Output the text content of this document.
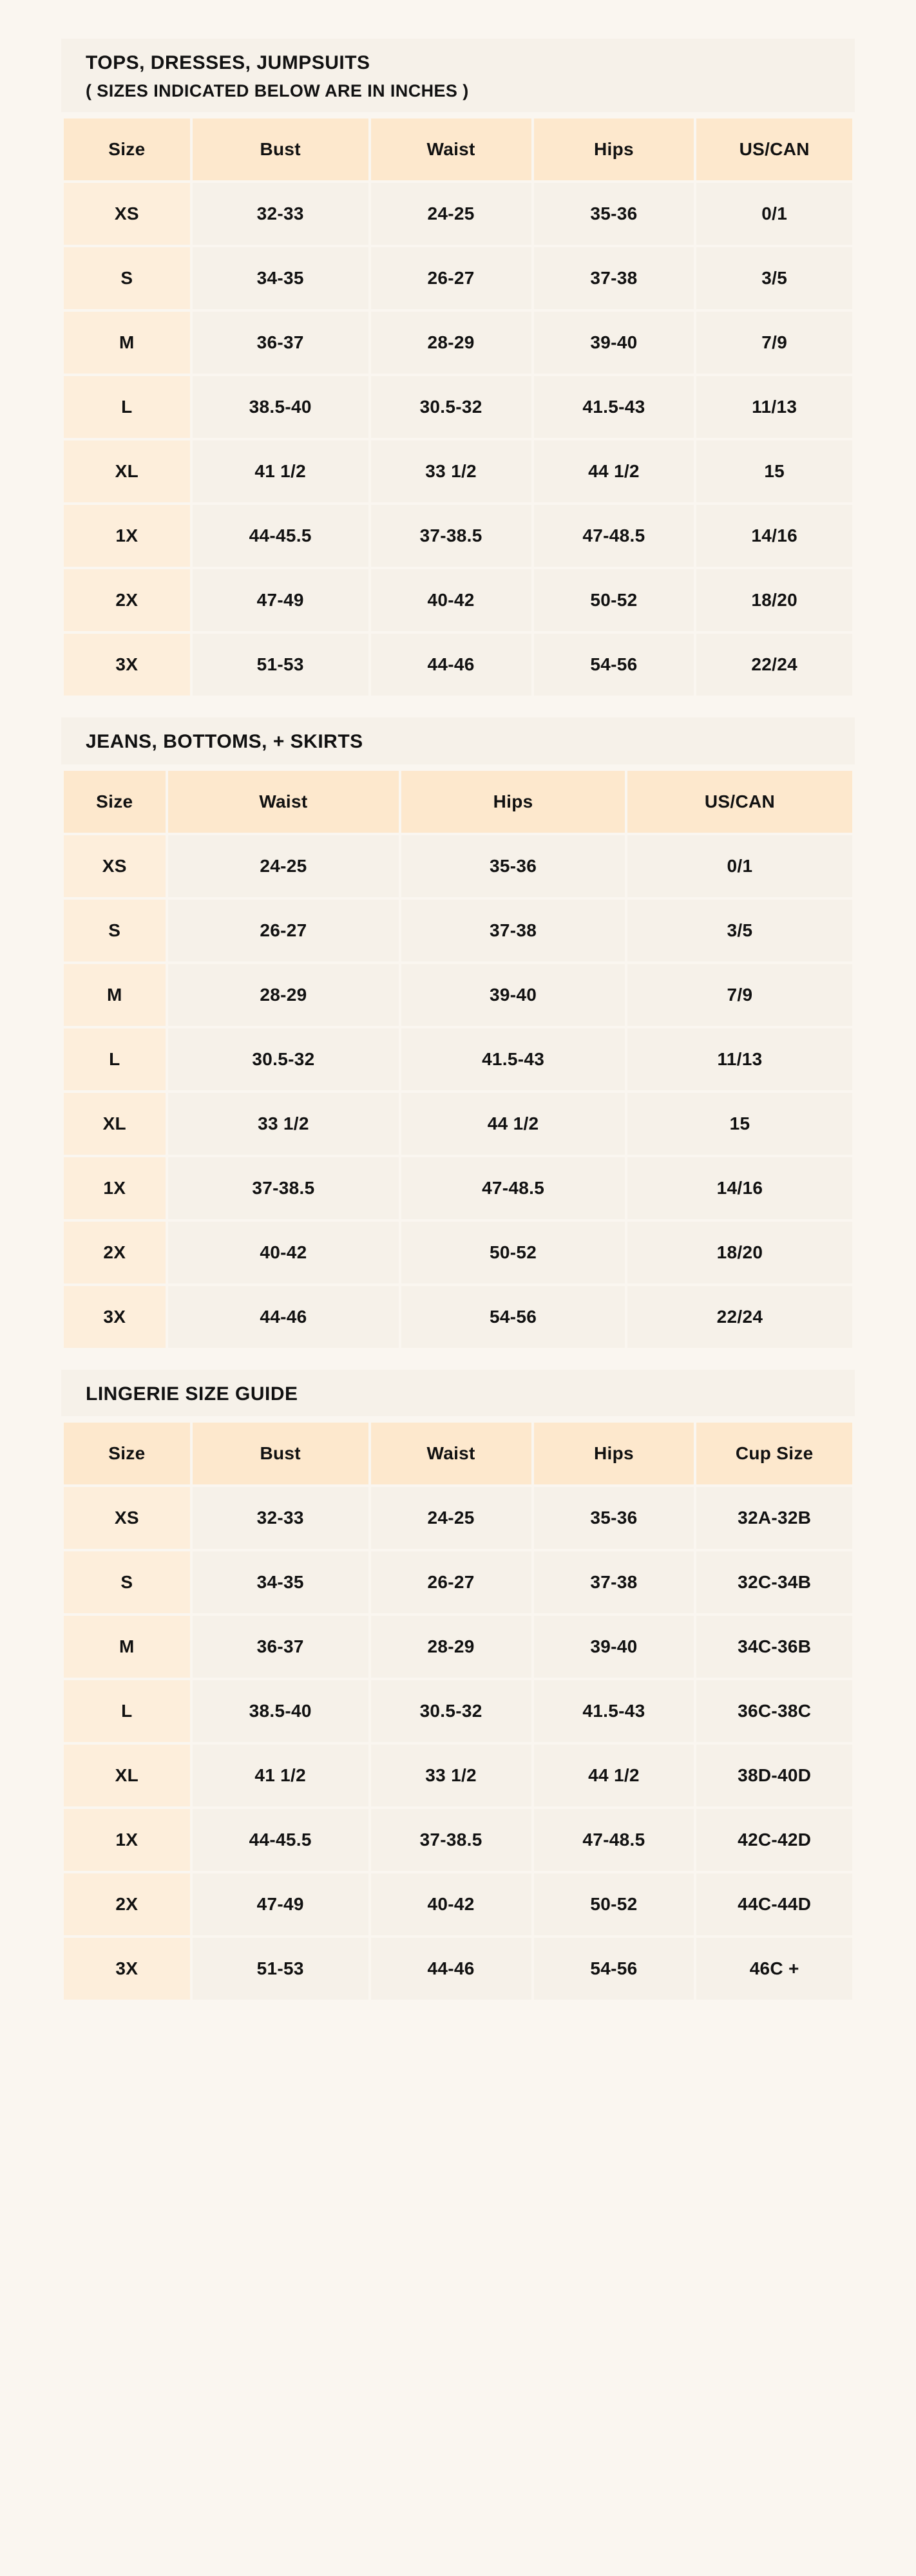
TOPS, DRESSES, JUMPSUITS

( SIZES INDICATED BELOW ARE IN INCHES )

Size	Bust	Waist	Hips	US/CAN
XS	32-33	24-25	35-36	0/1
S	34-35	26-27	37-38	3/5
M	36-37	28-29	39-40	7/9
L	38.5-40	30.5-32	41.5-43	11/13
XL	41 1/2	33 1/2	44 1/2	15
1X	44-45.5	37-38.5	47-48.5	14/16
2X	47-49	40-42	50-52	18/20
3X	51-53	44-46	54-56	22/24

JEANS, BOTTOMS, + SKIRTS

Size	Waist	Hips	US/CAN
XS	24-25	35-36	0/1
S	26-27	37-38	3/5
M	28-29	39-40	7/9
L	30.5-32	41.5-43	11/13
XL	33 1/2	44 1/2	15
1X	37-38.5	47-48.5	14/16
2X	40-42	50-52	18/20
3X	44-46	54-56	22/24

LINGERIE SIZE GUIDE

Size	Bust	Waist	Hips	Cup Size
XS	32-33	24-25	35-36	32A-32B
S	34-35	26-27	37-38	32C-34B
M	36-37	28-29	39-40	34C-36B
L	38.5-40	30.5-32	41.5-43	36C-38C
XL	41 1/2	33 1/2	44 1/2	38D-40D
1X	44-45.5	37-38.5	47-48.5	42C-42D
2X	47-49	40-42	50-52	44C-44D
3X	51-53	44-46	54-56	46C +
